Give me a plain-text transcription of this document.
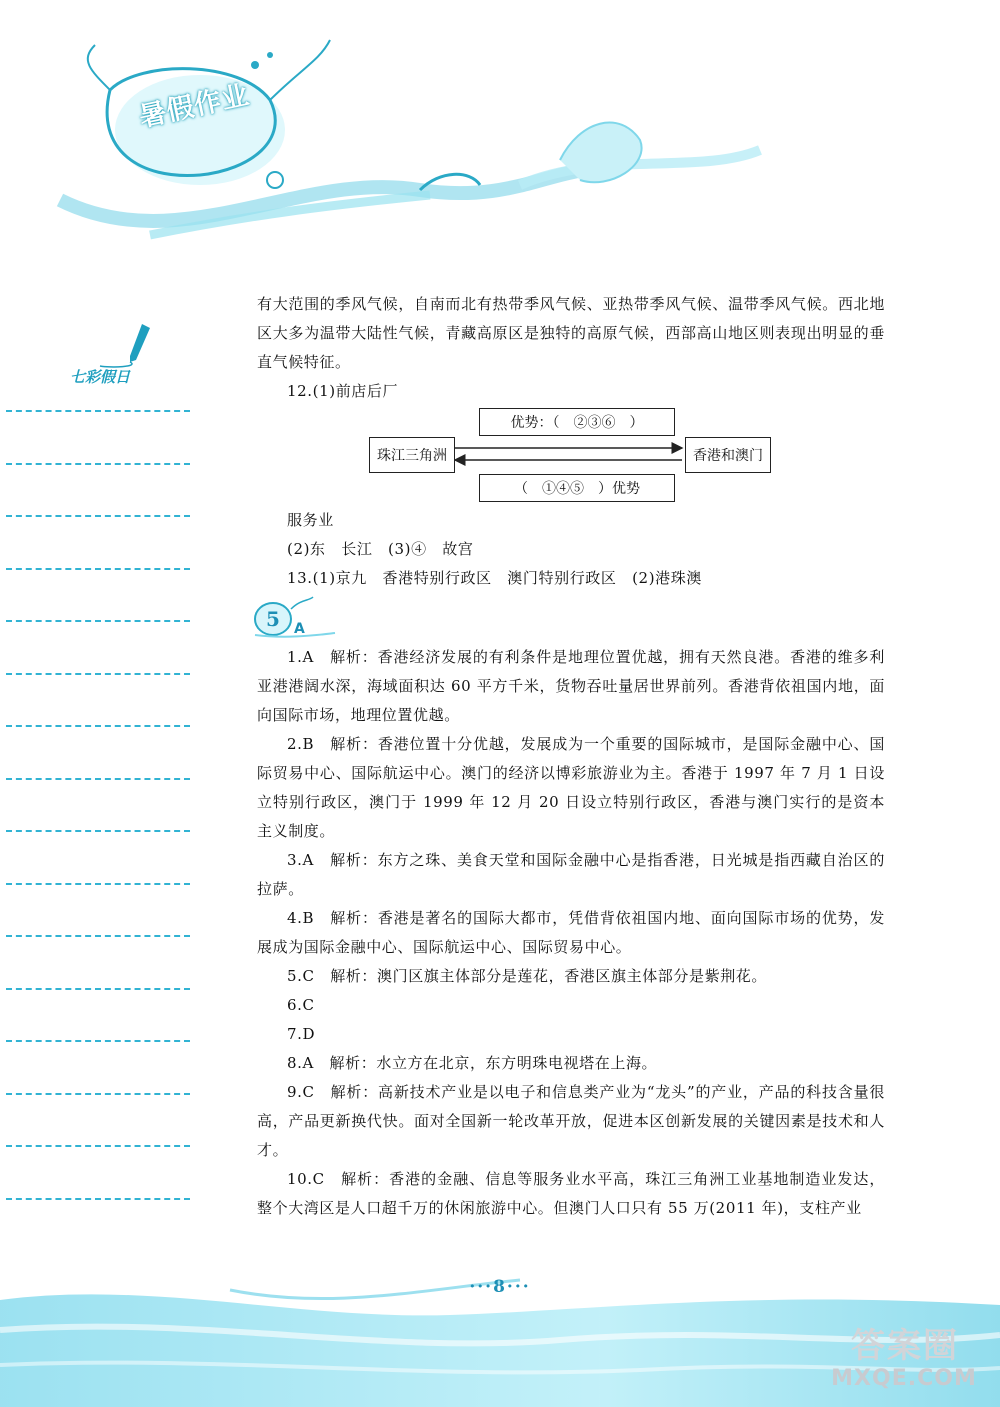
暑假作业
七彩假日

有大范围的季风气候，自南而北有热带季风气候、亚热带季风气候、温带季风气候。西北地区大多为温带大陆性气候，青藏高原区是独特的高原气候，西部高山地区则表现出明显的垂直气候特征。

12.(1)前店后厂

珠江三角洲	香港和澳门
优势：（　②③⑥　）
（　①④⑤　）优势

服务业

(2)东　长江　(3)④　故宫

13.(1)京九　香港特别行政区　澳门特别行政区　(2)港珠澳

5 A

1.A　解析：香港经济发展的有利条件是地理位置优越，拥有天然良港。香港的维多利亚港港阔水深，海域面积达 60 平方千米，货物吞吐量居世界前列。香港背依祖国内地，面向国际市场，地理位置优越。

2.B　解析：香港位置十分优越，发展成为一个重要的国际城市，是国际金融中心、国际贸易中心、国际航运中心。澳门的经济以博彩旅游业为主。香港于 1997 年 7 月 1 日设立特别行政区，澳门于 1999 年 12 月 20 日设立特别行政区，香港与澳门实行的是资本主义制度。

3.A　解析：东方之珠、美食天堂和国际金融中心是指香港，日光城是指西藏自治区的拉萨。

4.B　解析：香港是著名的国际大都市，凭借背依祖国内地、面向国际市场的优势，发展成为国际金融中心、国际航运中心、国际贸易中心。

5.C　解析：澳门区旗主体部分是莲花，香港区旗主体部分是紫荆花。

6.C

7.D

8.A　解析：水立方在北京，东方明珠电视塔在上海。

9.C　解析：高新技术产业是以电子和信息类产业为“龙头”的产业，产品的科技含量很高，产品更新换代快。面对全国新一轮改革开放，促进本区创新发展的关键因素是技术和人才。

10.C　解析：香港的金融、信息等服务业水平高，珠江三角洲工业基地制造业发达，整个大湾区是人口超千万的休闲旅游中心。但澳门人口只有 55 万(2011 年)，支柱产业

···8···
答案圈
MXQE.COM
